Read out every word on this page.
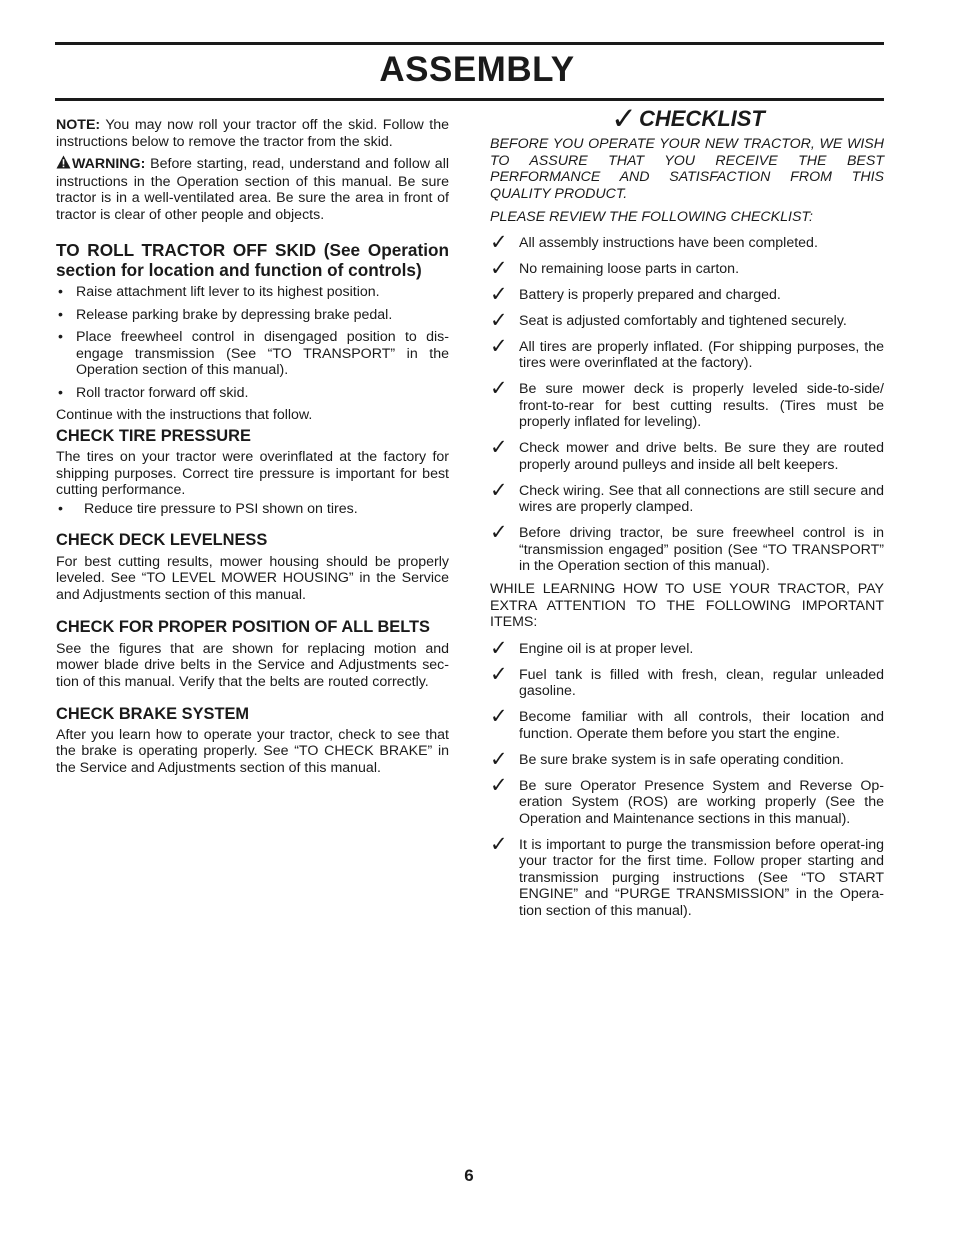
ASSEMBLY

NOTE: You may now roll your tractor off the skid. Follow the instructions below to remove the tractor from the skid.

WARNING: Before starting, read, understand and follow all instructions in the Operation section of this manual. Be sure tractor is in a well-ventilated area. Be sure the area in front of tractor is clear of other people and objects.

TO ROLL TRACTOR OFF SKID (See Operation section for location and function of controls)
• Raise attachment lift lever to its highest position.
• Release parking brake by depressing brake pedal.
• Place freewheel control in disengaged position to dis-engage transmission (See “TO TRANSPORT” in the Operation section of this manual).
• Roll tractor forward off skid.

Continue with the instructions that follow.

CHECK TIRE PRESSURE

The tires on your tractor were overinflated at the factory for shipping purposes. Correct tire pressure is important for best cutting performance.

• Reduce tire pressure to PSI shown on tires.
CHECK DECK LEVELNESS

For best cutting results, mower housing should be properly leveled. See “TO LEVEL MOWER HOUSING” in the Service and Adjustments section of this manual.

CHECK FOR PROPER POSITION OF ALL BELTS

See the figures that are shown for replacing motion and mower blade drive belts in the Service and Adjustments sec-tion of this manual. Verify that the belts are routed correctly.

CHECK BRAKE SYSTEM

After you learn how to operate your tractor, check to see that the brake is operating properly. See “TO CHECK BRAKE” in the Service and Adjustments section of this manual.

✓CHECKLIST

BEFORE YOU OPERATE YOUR NEW TRACTOR, WE WISH TO ASSURE THAT YOU RECEIVE THE BEST PERFORMANCE AND SATISFACTION FROM THIS QUALITY PRODUCT.

PLEASE REVIEW THE FOLLOWING CHECKLIST:

✓ All assembly instructions have been completed.
✓ No remaining loose parts in carton.
✓ Battery is properly prepared and charged.
✓ Seat is adjusted comfortably and tightened securely.
✓ All tires are properly inflated. (For shipping purposes, the tires were overinflated at the factory).
✓ Be sure mower deck is properly leveled side-to-side/ front-to-rear for best cutting results. (Tires must be properly inflated for leveling).
✓ Check mower and drive belts. Be sure they are routed properly around pulleys and inside all belt keepers.
✓ Check wiring. See that all connections are still secure and wires are properly clamped.
✓ Before driving tractor, be sure freewheel control is in “transmission engaged” position (See “TO TRANSPORT” in the Operation section of this manual).

WHILE LEARNING HOW TO USE YOUR TRACTOR, PAY EXTRA ATTENTION TO THE FOLLOWING IMPORTANT ITEMS:

✓ Engine oil is at proper level.
✓ Fuel tank is filled with fresh, clean, regular unleaded gasoline.
✓ Become familiar with all controls, their location and function. Operate them before you start the engine.
✓ Be sure brake system is in safe operating condition.
✓ Be sure Operator Presence System and Reverse Op-eration System (ROS) are working properly (See the Operation and Maintenance sections in this manual).
✓ It is important to purge the transmission before operat-ing your tractor for the first time. Follow proper starting and transmission purging instructions (See “TO START ENGINE” and “PURGE TRANSMISSION” in the Opera-tion section of this manual).
6
